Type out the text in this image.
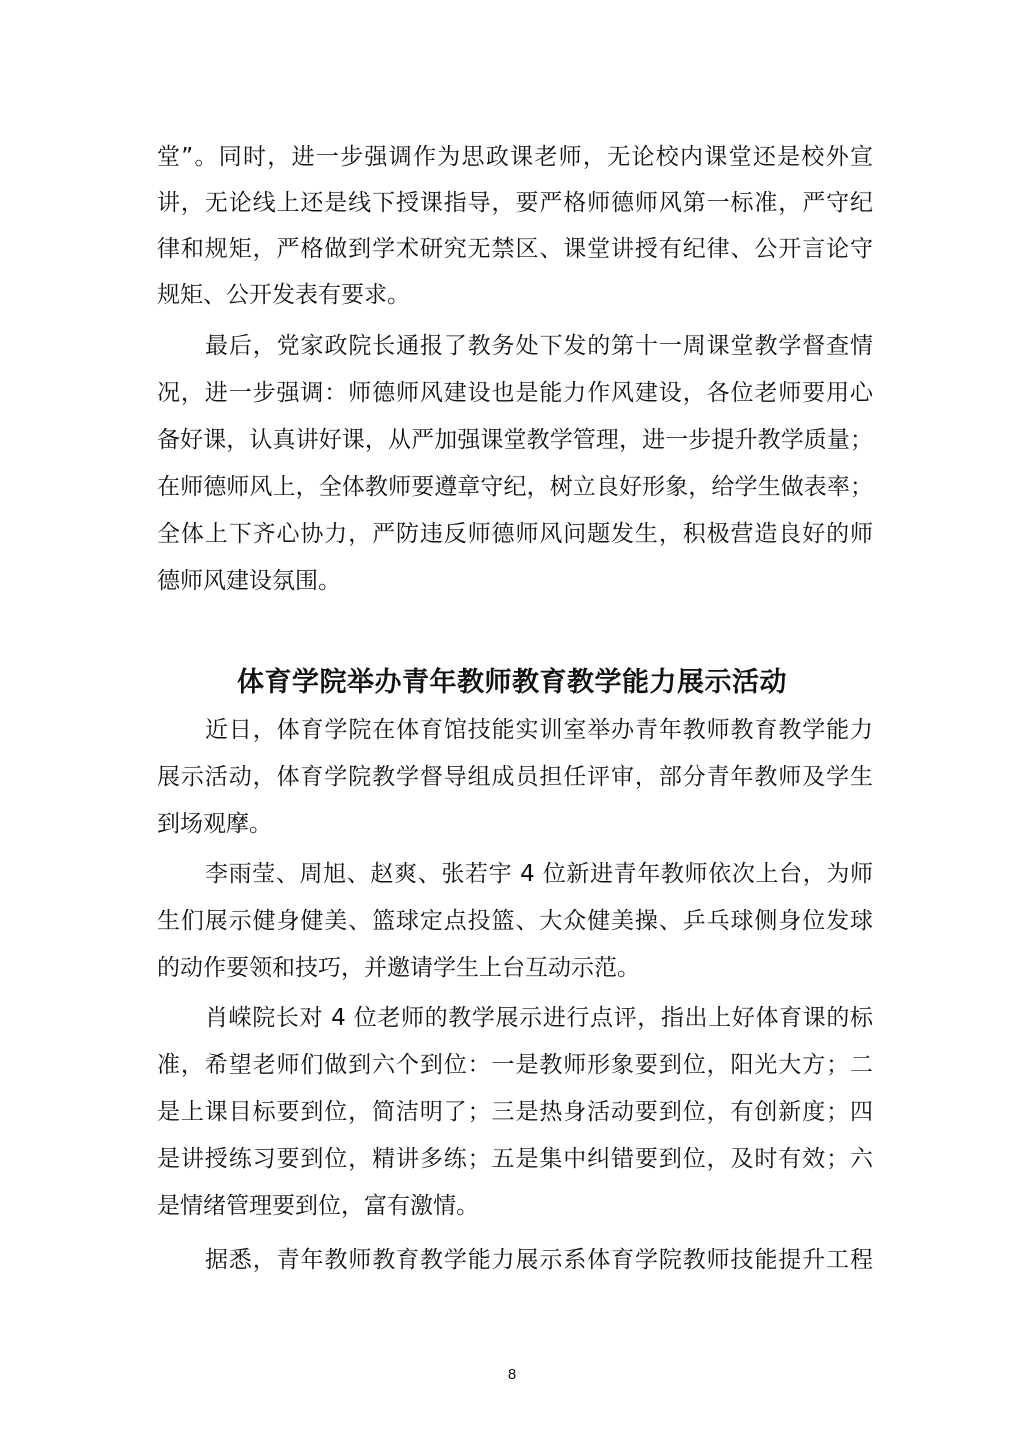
堂”。同时，进一步强调作为思政课老师，无论校内课堂还是校外宣
讲，无论线上还是线下授课指导，要严格师德师风第一标准，严守纪
律和规矩，严格做到学术研究无禁区、课堂讲授有纪律、公开言论守
规矩、公开发表有要求。
最后，党家政院长通报了教务处下发的第十一周课堂教学督查情
况，进一步强调：师德师风建设也是能力作风建设，各位老师要用心
备好课，认真讲好课，从严加强课堂教学管理，进一步提升教学质量；
在师德师风上，全体教师要遵章守纪，树立良好形象，给学生做表率；
全体上下齐心协力，严防违反师德师风问题发生，积极营造良好的师
德师风建设氛围。
体育学院举办青年教师教育教学能力展示活动
近日，体育学院在体育馆技能实训室举办青年教师教育教学能力
展示活动，体育学院教学督导组成员担任评审，部分青年教师及学生
到场观摩。
李雨莹、周旭、赵爽、张若宇 4 位新进青年教师依次上台，为师
生们展示健身健美、篮球定点投篮、大众健美操、乒乓球侧身位发球
的动作要领和技巧，并邀请学生上台互动示范。
肖嵘院长对 4 位老师的教学展示进行点评，指出上好体育课的标
准，希望老师们做到六个到位：一是教师形象要到位，阳光大方；二
是上课目标要到位，简洁明了；三是热身活动要到位，有创新度；四
是讲授练习要到位，精讲多练；五是集中纠错要到位，及时有效；六
是情绪管理要到位，富有激情。
据悉，青年教师教育教学能力展示系体育学院教师技能提升工程
8
